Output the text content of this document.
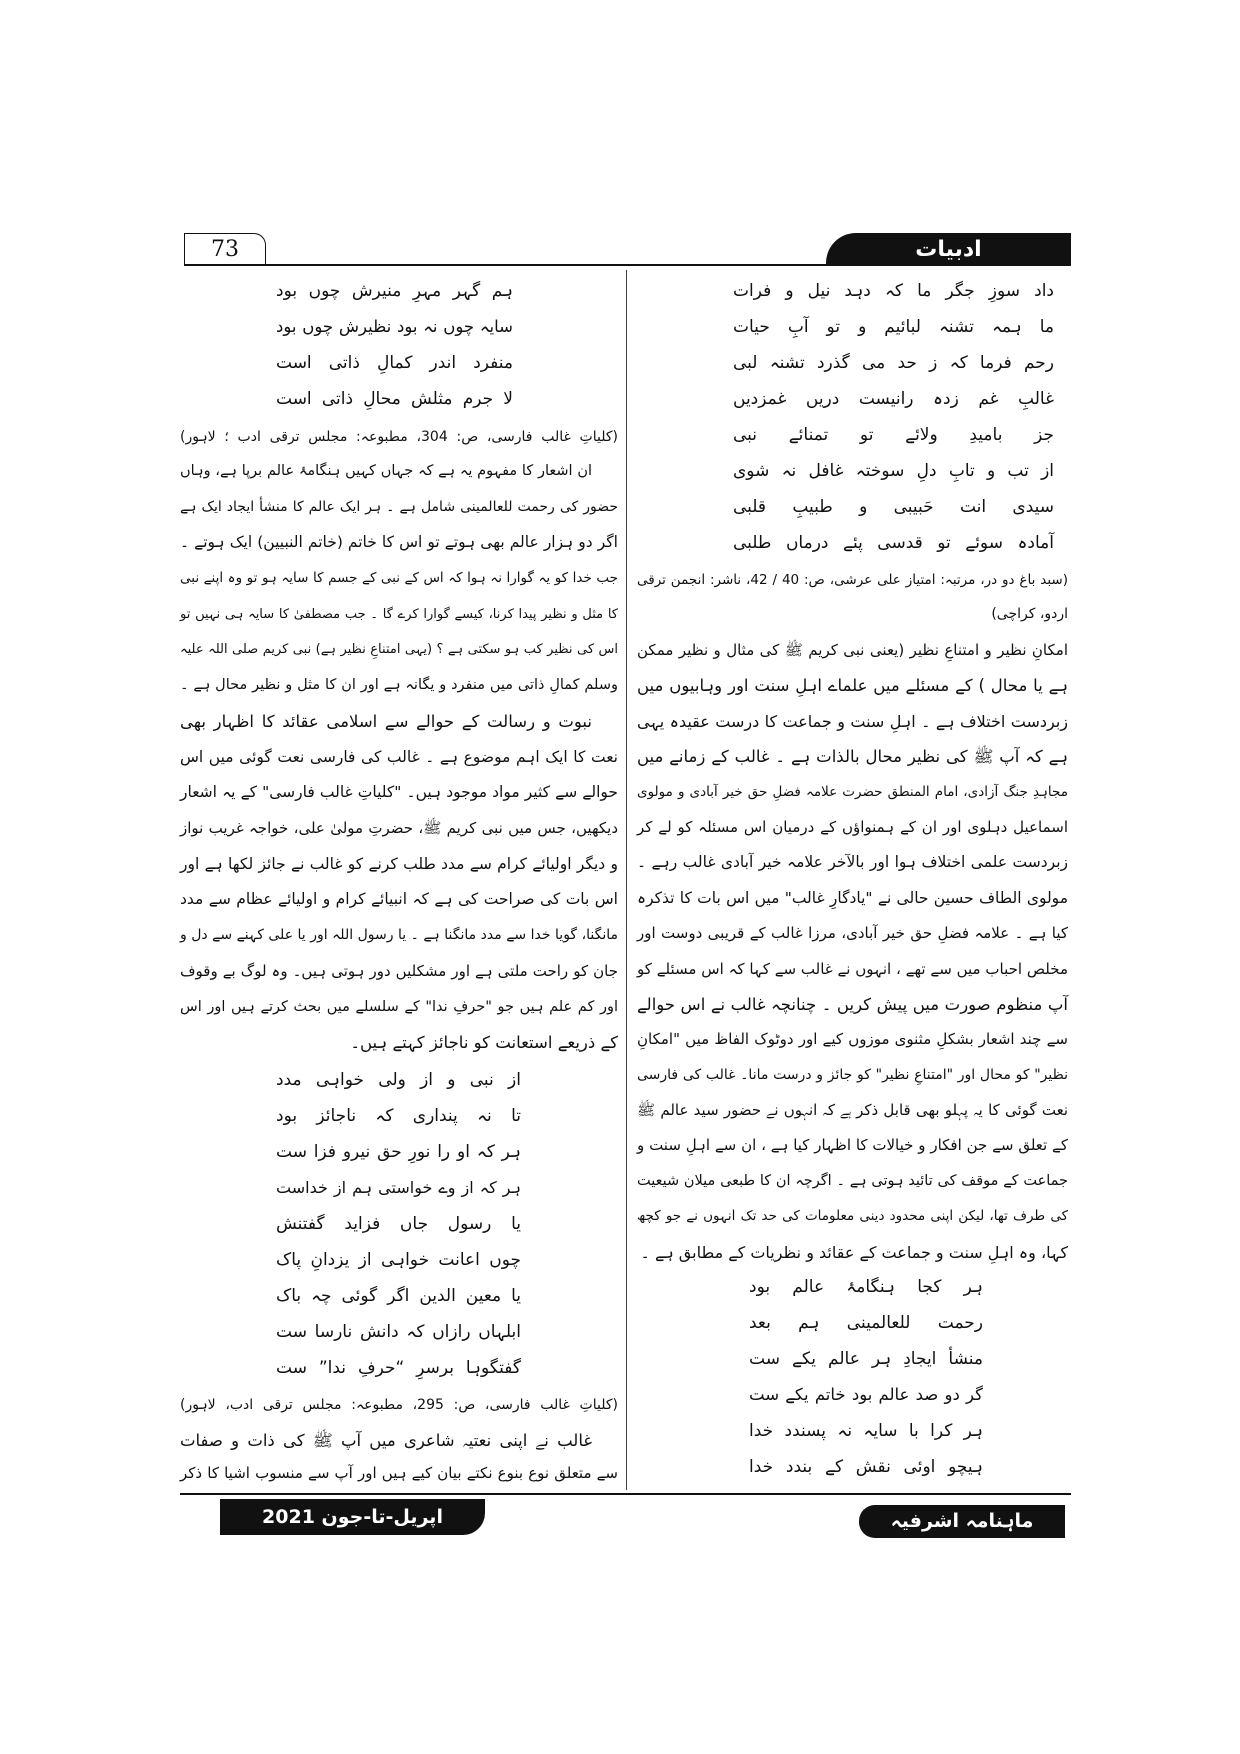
73	ادبیات
داد سوزِ جگر ما کہ دہد نیل و فرات
ما ہمہ تشنہ لبائیم و تو آبِ حیات
رحم فرما کہ ز حد می گذرد تشنہ لبی
غالبِ غم زدہ رانیست دریں غمزدیں
جز بامیدِ ولائے تو تمنائے نبی
از تب و تابِ دلِ سوختہ غافل نہ شوی
سیدی انت حَبیبی و طبیبِ قلبی
آمادہ سوئے تو قدسی پئے درماں طلبی
(سبد باغ دو در، مرتبہ: امتیاز علی عرشی، ص: 40 / 42، ناشر: انجمن ترقی
اردو، کراچی)
امکانِ نظیر و امتناعِ نظیر (یعنی نبی کریم ﷺ کی مثال و نظیر ممکن
ہے یا محال ) کے مسئلے میں علماے اہلِ سنت اور وہابیوں میں
زبردست اختلاف ہے ۔ اہلِ سنت و جماعت کا درست عقیدہ یہی
ہے کہ آپ ﷺ کی نظیر محال بالذات ہے ۔ غالب کے زمانے میں
مجاہدِ جنگ آزادی، امام المنطق حضرت علامہ فضلِ حق خیر آبادی و مولوی
اسماعیل دہلوی اور ان کے ہمنواؤں کے درمیان اس مسئلہ کو لے کر
زبردست علمی اختلاف ہوا اور بالآخر علامہ خیر آبادی غالب رہے ۔
مولوی الطاف حسین حالی نے "یادگارِ غالب" میں اس بات کا تذکرہ
کیا ہے ۔ علامہ فضلِ حق خیر آبادی، مرزا غالب کے قریبی دوست اور
مخلص احباب میں سے تھے ، انہوں نے غالب سے کہا کہ اس مسئلے کو
آپ منظوم صورت میں پیش کریں ۔ چنانچہ غالب نے اس حوالے
سے چند اشعار بشکلِ مثنوی موزوں کیے اور دوٹوک الفاظ میں "امکانِ
نظیر" کو محال اور "امتناعِ نظیر" کو جائز و درست مانا۔ غالب کی فارسی
نعت گوئی کا یہ پہلو بھی قابل ذکر ہے کہ انہوں نے حضور سید عالم ﷺ
کے تعلق سے جن افکار و خیالات کا اظہار کیا ہے ، ان سے اہلِ سنت و
جماعت کے موقف کی تائید ہوتی ہے ۔ اگرچہ ان کا طبعی میلان شیعیت
کی طرف تھا، لیکن اپنی محدود دینی معلومات کی حد تک انہوں نے جو کچھ
کہا، وہ اہلِ سنت و جماعت کے عقائد و نظریات کے مطابق ہے ۔
ہر کجا ہنگامۂ عالم بود
رحمت للعالمینی ہم بعد
منشأ ایجادِ ہر عالم یکے ست
گر دو صد عالم بود خاتم یکے ست
ہر کرا با سایہ نہ پسندد خدا
ہیچو اوئی نقش کے بندد خدا
ہم گہر مہرِ منیرش چوں بود
سایہ چوں نہ بود نظیرش چوں بود
منفرد اندر کمالِ ذاتی است
لا جرم مثلش محالِ ذاتی است
(کلیاتِ غالب فارسی، ص: 304، مطبوعہ: مجلس ترقی ادب ؛ لاہور)
ان اشعار کا مفہوم یہ ہے کہ جہاں کہیں ہنگامۂ عالم برپا ہے، وہاں
حضور کی رحمت للعالمینی شامل ہے ۔ ہر ایک عالم کا منشأ ایجاد ایک ہے
اگر دو ہزار عالم بھی ہوتے تو اس کا خاتم (خاتم النبیین) ایک ہوتے ۔
جب خدا کو یہ گوارا نہ ہوا کہ اس کے نبی کے جسم کا سایہ ہو تو وہ اپنے نبی
کا مثل و نظیر پیدا کرنا، کیسے گوارا کرے گا ۔ جب مصطفیٰ کا سایہ ہی نہیں تو
اس کی نظیر کب ہو سکتی ہے ؟ (یہی امتناعِ نظیر ہے) نبی کریم صلی اللہ علیہ
وسلم کمالِ ذاتی میں منفرد و یگانہ ہے اور ان کا مثل و نظیر محال ہے ۔
نبوت و رسالت کے حوالے سے اسلامی عقائد کا اظہار بھی
نعت کا ایک اہم موضوع ہے ۔ غالب کی فارسی نعت گوئی میں اس
حوالے سے کثیر مواد موجود ہیں۔ "کلیاتِ غالب فارسی" کے یہ اشعار
دیکھیں، جس میں نبی کریم ﷺ، حضرتِ مولیٰ علی، خواجہ غریب نواز
و دیگر اولیائے کرام سے مدد طلب کرنے کو غالب نے جائز لکھا ہے اور
اس بات کی صراحت کی ہے کہ انبیائے کرام و اولیائے عظام سے مدد
مانگنا، گویا خدا سے مدد مانگنا ہے ۔ یا رسول اللہ اور یا علی کہنے سے دل و
جان کو راحت ملتی ہے اور مشکلیں دور ہوتی ہیں۔ وہ لوگ بے وقوف
اور کم علم ہیں جو "حرفِ ندا" کے سلسلے میں بحث کرتے ہیں اور اس
کے ذریعے استعانت کو ناجائز کہتے ہیں۔
از نبی و از ولی خواہی مدد
تا نہ پنداری کہ ناجائز بود
ہر کہ او را نورِ حق نیرو فزا ست
ہر کہ از وے خواستی ہم از خداست
یا رسول جاں فزاید گفتنش
چوں اعانت خواہی از یزدانِ پاک
یا معین الدین اگر گوئی چہ باک
ابلہاں رازاں کہ دانش نارسا ست
گفتگوہا برسرِ “حرفِ ندا” ست
(کلیاتِ غالب فارسی، ص: 295، مطبوعہ: مجلس ترقی ادب، لاہور)
غالب نے اپنی نعتیہ شاعری میں آپ ﷺ کی ذات و صفات
سے متعلق نوع بنوع نکتے بیان کیے ہیں اور آپ سے منسوب اشیا کا ذکر
اپریل-تا-جون 2021	ماہنامہ اشرفیہ
